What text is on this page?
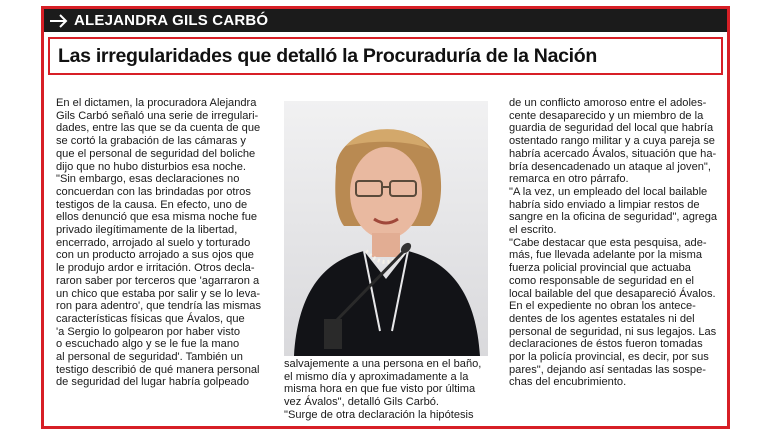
ALEJANDRA GILS CARBÓ
Las irregularidades que detalló la Procuraduría de la Nación

En el dictamen, la procuradora Alejandra

Gils Carbó señaló una serie de irregulari-

dades, entre las que se da cuenta de que

se cortó la grabación de las cámaras y

que el personal de seguridad del boliche

dijo que no hubo disturbios esa noche.

"Sin embargo, esas declaraciones no

concuerdan con las brindadas por otros

testigos de la causa. En efecto, uno de

ellos denunció que esa misma noche fue

privado ilegítimamente de la libertad,

encerrado, arrojado al suelo y torturado

con un producto arrojado a sus ojos que

le produjo ardor e irritación. Otros decla-

raron saber por terceros que 'agarraron a

un chico que estaba por salir y se lo leva-

ron para adentro', que tendría las mismas

características físicas que Ávalos, que

'a Sergio lo golpearon por haber visto

o escuchado algo y se le fue la mano

al personal de seguridad'. También un

testigo describió de qué manera personal

de seguridad del lugar habría golpeado

salvajemente a una persona en el baño,

el mismo día y aproximadamente a la

misma hora en que fue visto por última

vez Ávalos", detalló Gils Carbó.

"Surge de otra declaración la hipótesis

de un conflicto amoroso entre el adoles-

cente desaparecido y un miembro de la

guardia de seguridad del local que habría

ostentado rango militar y a cuya pareja se

habría acercado Ávalos, situación que ha-

bría desencadenado un ataque al joven",

remarca en otro párrafo.

"A la vez, un empleado del local bailable

habría sido enviado a limpiar restos de

sangre en la oficina de seguridad", agrega

el escrito.

"Cabe destacar que esta pesquisa, ade-

más, fue llevada adelante por la misma

fuerza policial provincial que actuaba

como responsable de seguridad en el

local bailable del que desapareció Ávalos.

En el expediente no obran los antece-

dentes de los agentes estatales ni del

personal de seguridad, ni sus legajos. Las

declaraciones de éstos fueron tomadas

por la policía provincial, es decir, por sus

pares", dejando así sentadas las sospe-

chas del encubrimiento.
